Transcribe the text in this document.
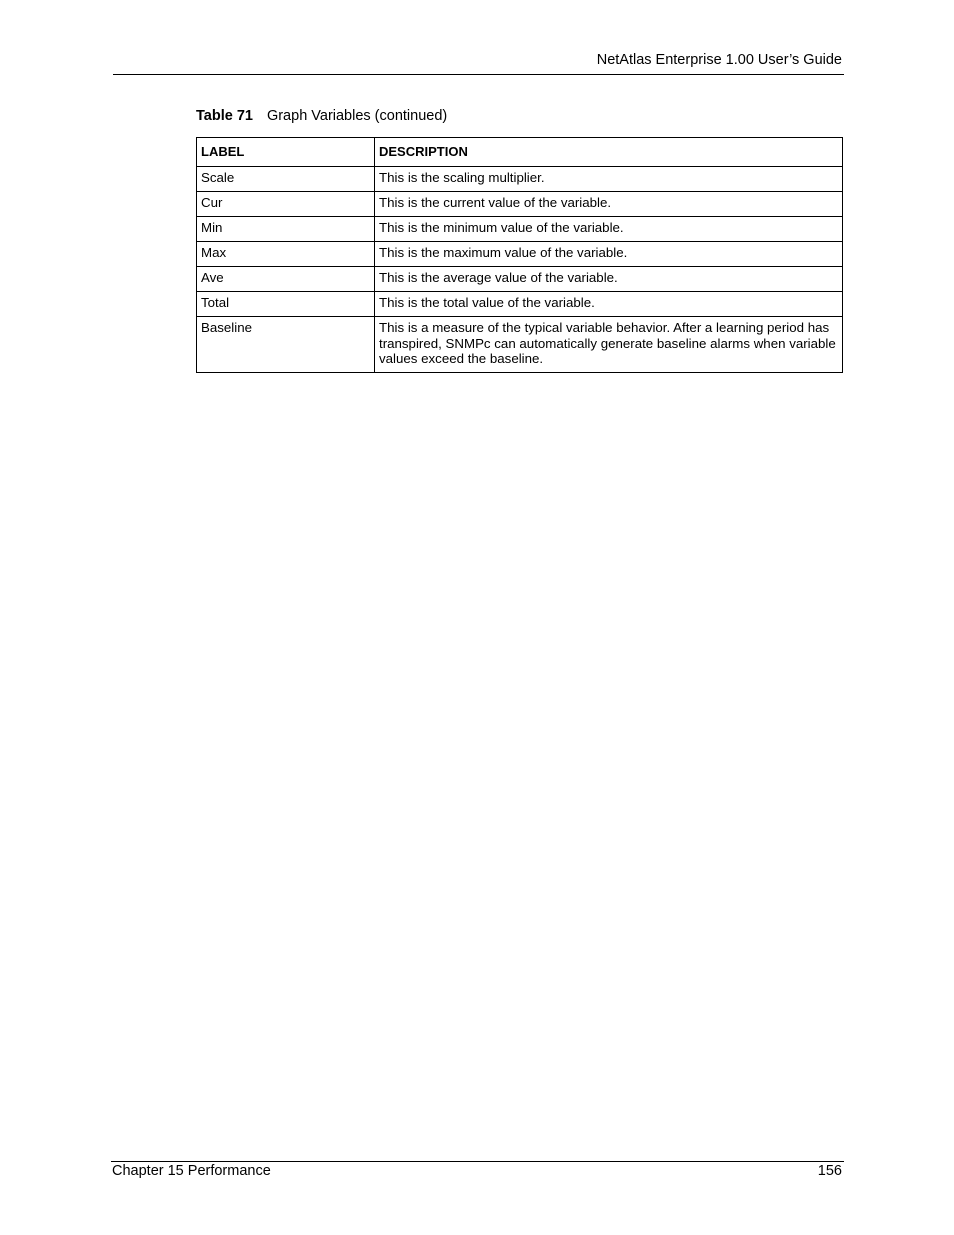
NetAtlas Enterprise 1.00 User’s Guide
Table 71 Graph Variables (continued)
LABEL	DESCRIPTION
Scale	This is the scaling multiplier.
Cur	This is the current value of the variable.
Min	This is the minimum value of the variable.
Max	This is the maximum value of the variable.
Ave	This is the average value of the variable.
Total	This is the total value of the variable.
Baseline	This is a measure of the typical variable behavior. After a learning period has transpired, SNMPc can automatically generate baseline alarms when variable values exceed the baseline.
Chapter 15 Performance	156
